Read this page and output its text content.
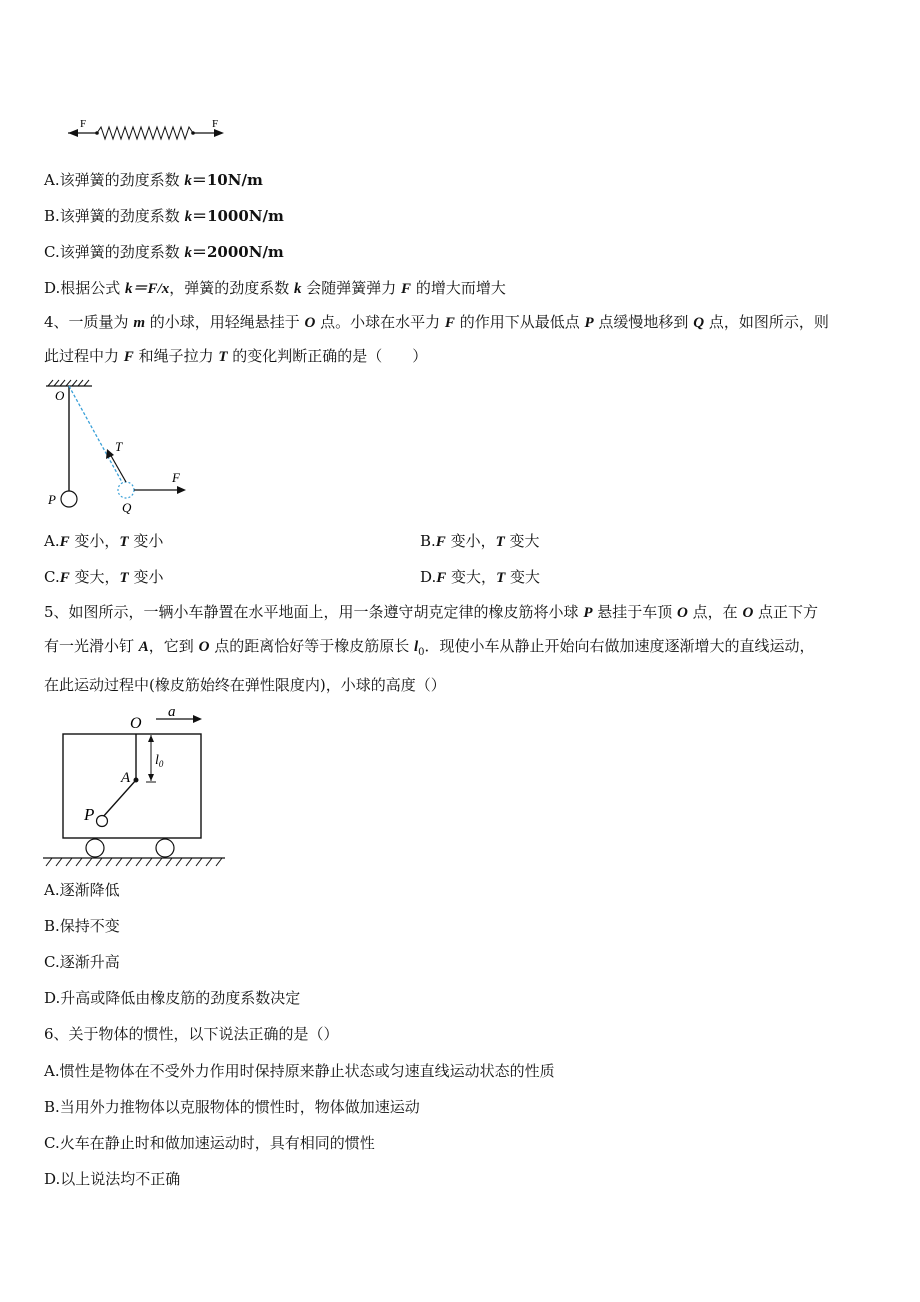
F	F
A.该弹簧的劲度系数 k＝10N/m
B.该弹簧的劲度系数 k＝1000N/m
C.该弹簧的劲度系数 k＝2000N/m
D.根据公式 k＝F/x，弹簧的劲度系数 k 会随弹簧弹力 F 的增大而增大
4、一质量为 m 的小球，用轻绳悬挂于 O 点。小球在水平力 F 的作用下从最低点 P 点缓慢地移到 Q 点，如图所示，则
此过程中力 F 和绳子拉力 T 的变化判断正确的是（　　）
O
P
T
F
Q
A.F 变小，T 变小	B.F 变小，T 变大
C.F 变大，T 变小	D.F 变大，T 变大
5、如图所示，一辆小车静置在水平地面上，用一条遵守胡克定律的橡皮筋将小球 P 悬挂于车顶 O 点，在 O 点正下方
有一光滑小钉 A，它到 O 点的距离恰好等于橡皮筋原长 $l_0$．现使小车从静止开始向右做加速度逐渐增大的直线运动，
在此运动过程中(橡皮筋始终在弹性限度内)，小球的高度（）
O
a
A
P
$l_0$
A.逐渐降低
B.保持不变
C.逐渐升高
D.升高或降低由橡皮筋的劲度系数决定
6、关于物体的惯性，以下说法正确的是（）
A.惯性是物体在不受外力作用时保持原来静止状态或匀速直线运动状态的性质
B.当用外力推物体以克服物体的惯性时，物体做加速运动
C.火车在静止时和做加速运动时，具有相同的惯性
D.以上说法均不正确
